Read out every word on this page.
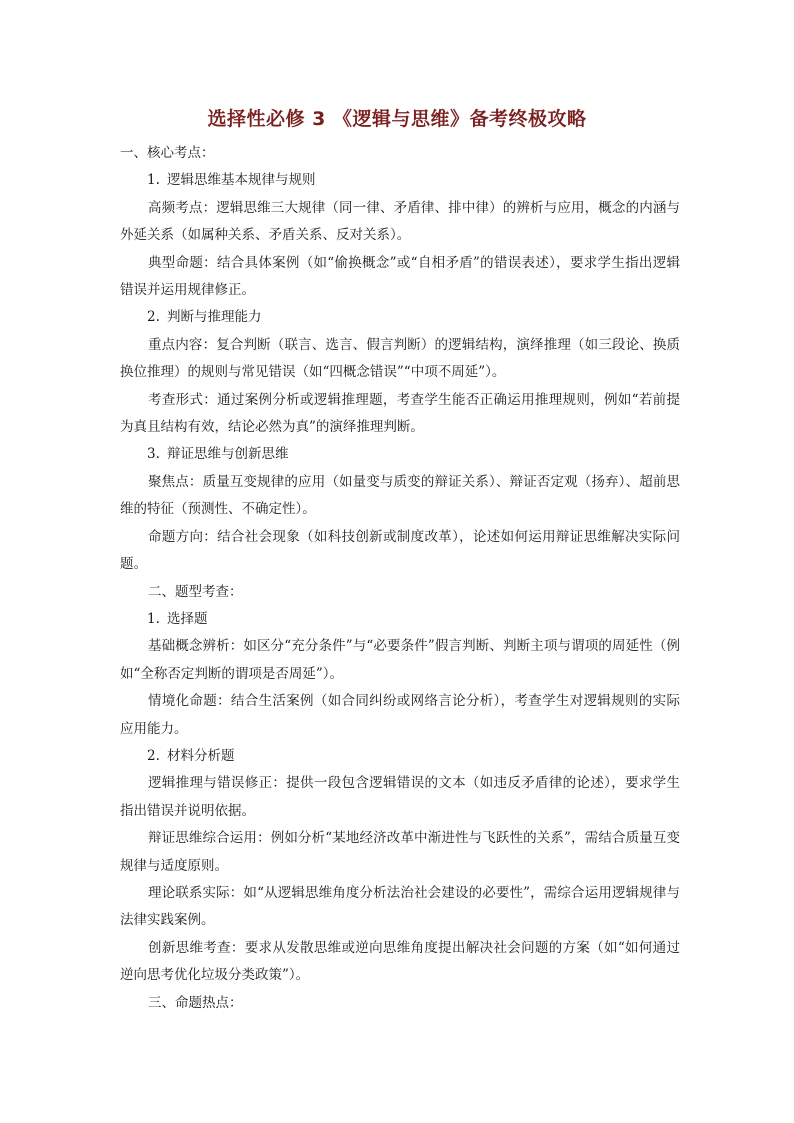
选择性必修 3 《逻辑与思维》备考终极攻略

一、核心考点：

1. 逻辑思维基本规律与规则

高频考点：逻辑思维三大规律（同一律、矛盾律、排中律）的辨析与应用，概念的内涵与外延关系（如属种关系、矛盾关系、反对关系）。

典型命题：结合具体案例（如“偷换概念”或“自相矛盾”的错误表述），要求学生指出逻辑错误并运用规律修正。

2. 判断与推理能力

重点内容：复合判断（联言、选言、假言判断）的逻辑结构，演绎推理（如三段论、换质换位推理）的规则与常见错误（如“四概念错误”“中项不周延”）。

考查形式：通过案例分析或逻辑推理题，考查学生能否正确运用推理规则，例如“若前提为真且结构有效，结论必然为真”的演绎推理判断。

3. 辩证思维与创新思维

聚焦点：质量互变规律的应用（如量变与质变的辩证关系）、辩证否定观（扬弃）、超前思维的特征（预测性、不确定性）。

命题方向：结合社会现象（如科技创新或制度改革），论述如何运用辩证思维解决实际问题。

二、题型考查：

1. 选择题

基础概念辨析：如区分“充分条件”与“必要条件”假言判断、判断主项与谓项的周延性（例如“全称否定判断的谓项是否周延”）。

情境化命题：结合生活案例（如合同纠纷或网络言论分析），考查学生对逻辑规则的实际应用能力。

2. 材料分析题

逻辑推理与错误修正：提供一段包含逻辑错误的文本（如违反矛盾律的论述），要求学生指出错误并说明依据。

辩证思维综合运用：例如分析“某地经济改革中渐进性与飞跃性的关系”，需结合质量互变规律与适度原则。

理论联系实际：如“从逻辑思维角度分析法治社会建设的必要性”，需综合运用逻辑规律与法律实践案例。

创新思维考查：要求从发散思维或逆向思维角度提出解决社会问题的方案（如“如何通过逆向思考优化垃圾分类政策”）。

三、命题热点：
